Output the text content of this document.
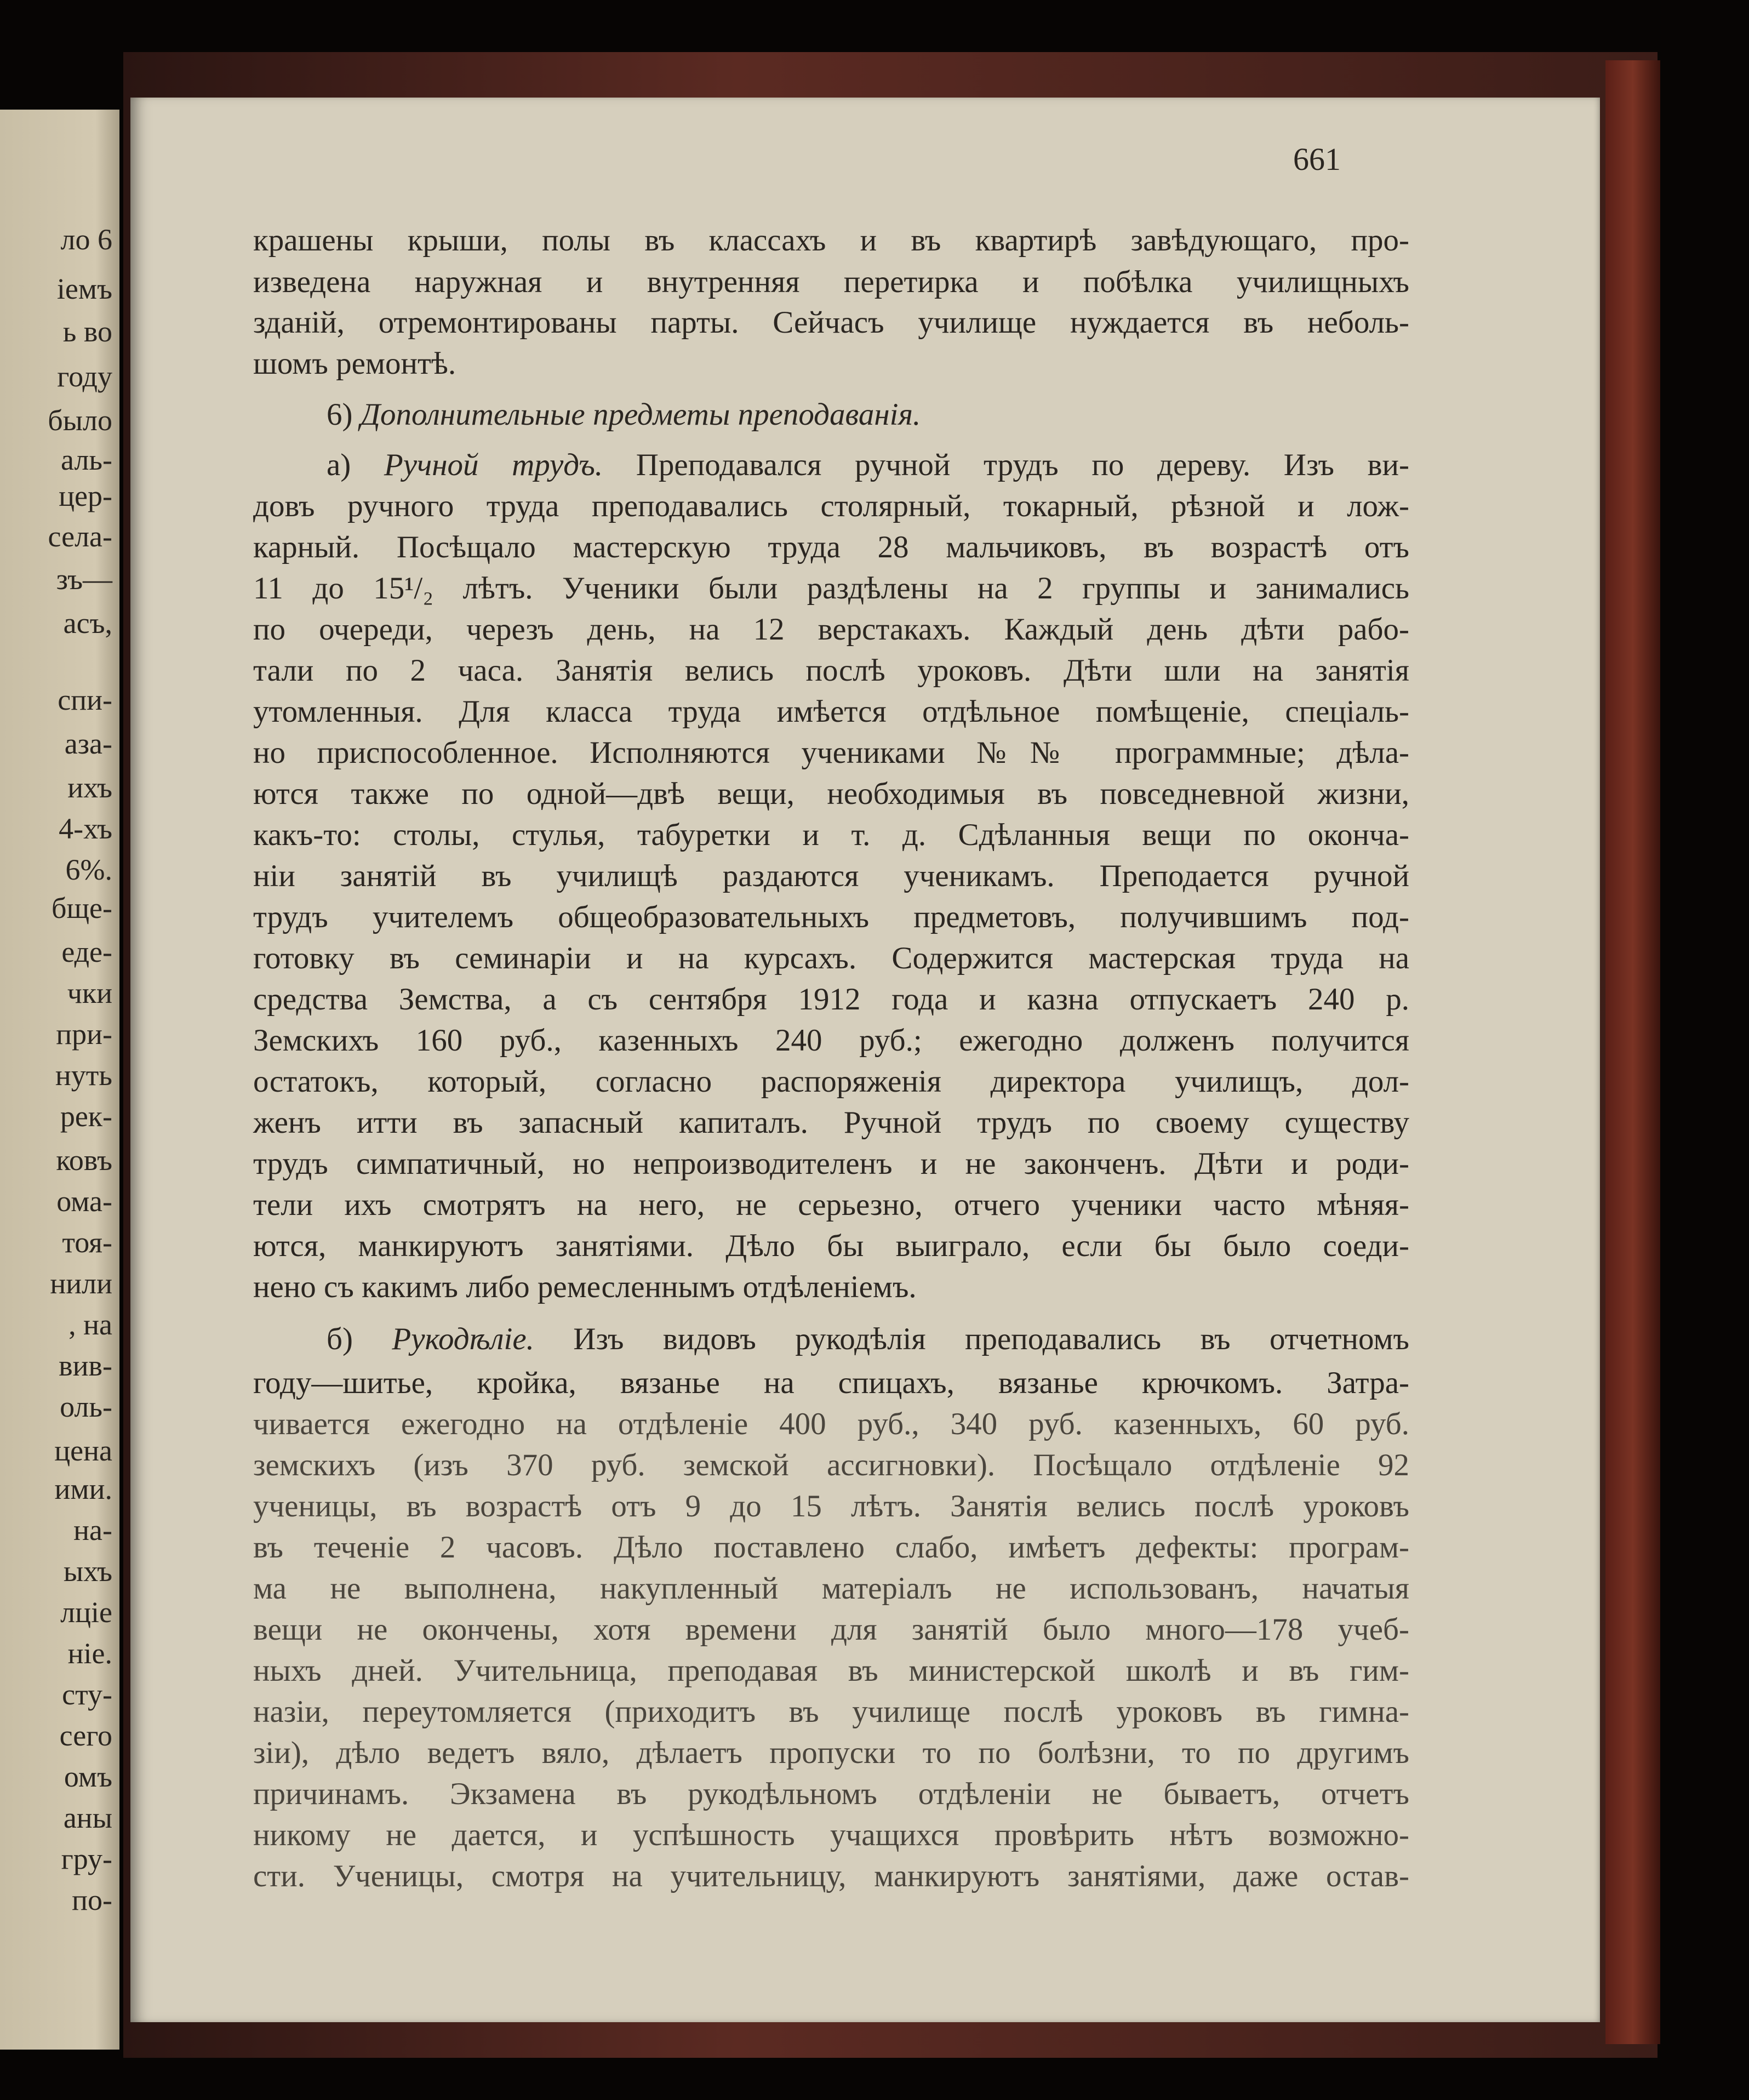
ло 6
іемъ
ь во
году
было
аль-
цер-
села-
зъ—
асъ,
спи-
аза-
ихъ
4-хъ
6%.
бще-
еде-
чки
при-
нуть
рек-
ковъ
ома-
тоя-
нили
, на
вив-
оль-
цена
ими.
на-
ыхъ
лціе
ніе.
сту-
сего
омъ
аны
гру-
по-
661
крашены крыши, полы въ классахъ и въ квартирѣ завѣдующаго, про-
изведена наружная и внутренняя перетирка и побѣлка училищныхъ
зданій, отремонтированы парты. Сейчасъ училище нуждается въ неболь-
шомъ ремонтѣ.
6) Дополнительные предметы преподаванія.
а) Ручной трудъ. Преподавался ручной трудъ по дереву. Изъ ви-
довъ ручного труда преподавались столярный, токарный, рѣзной и лож-
карный. Посѣщало мастерскую труда 28 мальчиковъ, въ возрастѣ отъ
11 до 15¹/₂ лѣтъ. Ученики были раздѣлены на 2 группы и занимались
по очереди, черезъ день, на 12 верстакахъ. Каждый день дѣти рабо-
тали по 2 часа. Занятія велись послѣ уроковъ. Дѣти шли на занятія
утомленныя. Для класса труда имѣется отдѣльное помѣщеніе, спеціаль-
но приспособленное. Исполняются учениками №№ программные; дѣла-
ются также по одной—двѣ вещи, необходимыя въ повседневной жизни,
какъ-то: столы, стулья, табуретки и т. д. Сдѣланныя вещи по оконча-
ніи занятій въ училищѣ раздаются ученикамъ. Преподается ручной
трудъ учителемъ общеобразовательныхъ предметовъ, получившимъ под-
готовку въ семинаріи и на курсахъ. Содержится мастерская труда на
средства Земства, а съ сентября 1912 года и казна отпускаетъ 240 р.
Земскихъ 160 руб., казенныхъ 240 руб.; ежегодно долженъ получится
остатокъ, который, согласно распоряженія директора училищъ, дол-
женъ итти въ запасный капиталъ. Ручной трудъ по своему существу
трудъ симпатичный, но непроизводителенъ и не законченъ. Дѣти и роди-
тели ихъ смотрятъ на него, не серьезно, отчего ученики часто мѣняя-
ются, манкируютъ занятіями. Дѣло бы выиграло, если бы было соеди-
нено съ какимъ либо ремесленнымъ отдѣленіемъ.
б) Рукодѣліе. Изъ видовъ рукодѣлія преподавались въ отчетномъ
году—шитье, кройка, вязанье на спицахъ, вязанье крючкомъ. Затра-
чивается ежегодно на отдѣленіе 400 руб., 340 руб. казенныхъ, 60 руб.
земскихъ (изъ 370 руб. земской ассигновки). Посѣщало отдѣленіе 92
ученицы, въ возрастѣ отъ 9 до 15 лѣтъ. Занятія велись послѣ уроковъ
въ теченіе 2 часовъ. Дѣло поставлено слабо, имѣетъ дефекты: програм-
ма не выполнена, накупленный матеріалъ не использованъ, начатыя
вещи не окончены, хотя времени для занятій было много—178 учеб-
ныхъ дней. Учительница, преподавая въ министерской школѣ и въ гим-
назіи, переутомляется (приходитъ въ училище послѣ уроковъ въ гимна-
зіи), дѣло ведетъ вяло, дѣлаетъ пропуски то по болѣзни, то по другимъ
причинамъ. Экзамена въ рукодѣльномъ отдѣленіи не бываетъ, отчетъ
никому не дается, и успѣшность учащихся провѣрить нѣтъ возможно-
сти. Ученицы, смотря на учительницу, манкируютъ занятіями, даже остав-
